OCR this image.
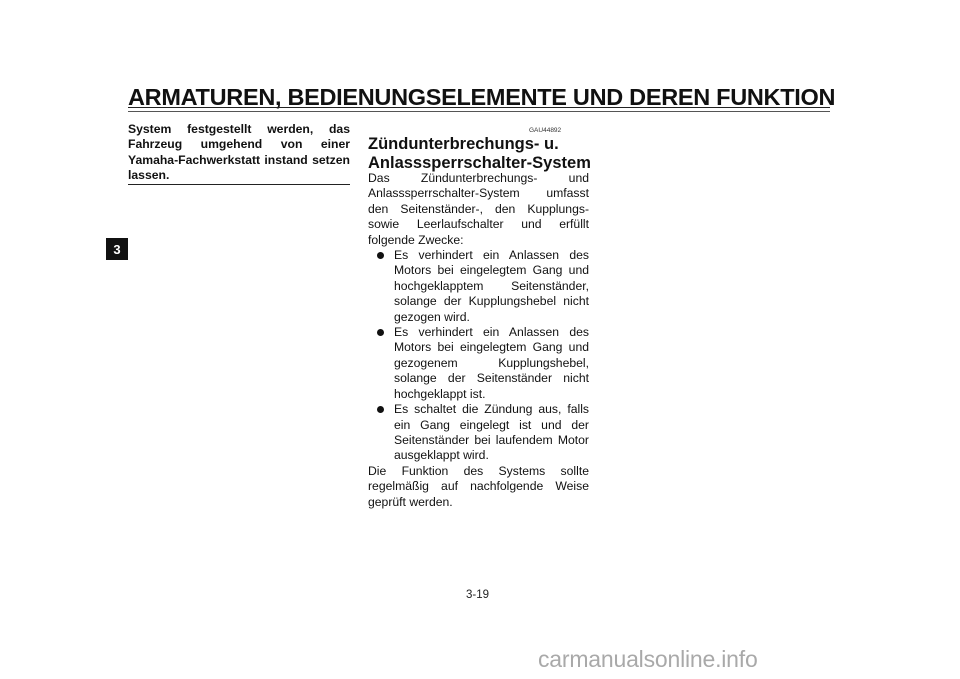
ARMATUREN, BEDIENUNGSELEMENTE UND DEREN FUNKTION
3
System festgestellt werden, das Fahrzeug umgehend von einer Yamaha-Fachwerkstatt instand setzen lassen.
GAU44892
Zündunterbrechungs- u. Anlasssperrschalter-System

Das Zündunterbrechungs- und Anlasssperrschalter-System umfasst den Seitenständer-, den Kupplungs- sowie Leerlaufschalter und erfüllt folgende Zwecke:

Es verhindert ein Anlassen des Motors bei eingelegtem Gang und hochgeklapptem Seitenständer, solange der Kupplungshebel nicht gezogen wird.
Es verhindert ein Anlassen des Motors bei eingelegtem Gang und gezogenem Kupplungshebel, solange der Seitenständer nicht hochgeklappt ist.
Es schaltet die Zündung aus, falls ein Gang eingelegt ist und der Seitenständer bei laufendem Motor ausgeklappt wird.

Die Funktion des Systems sollte regelmäßig auf nachfolgende Weise geprüft werden.

3-19
carmanualsonline.info
